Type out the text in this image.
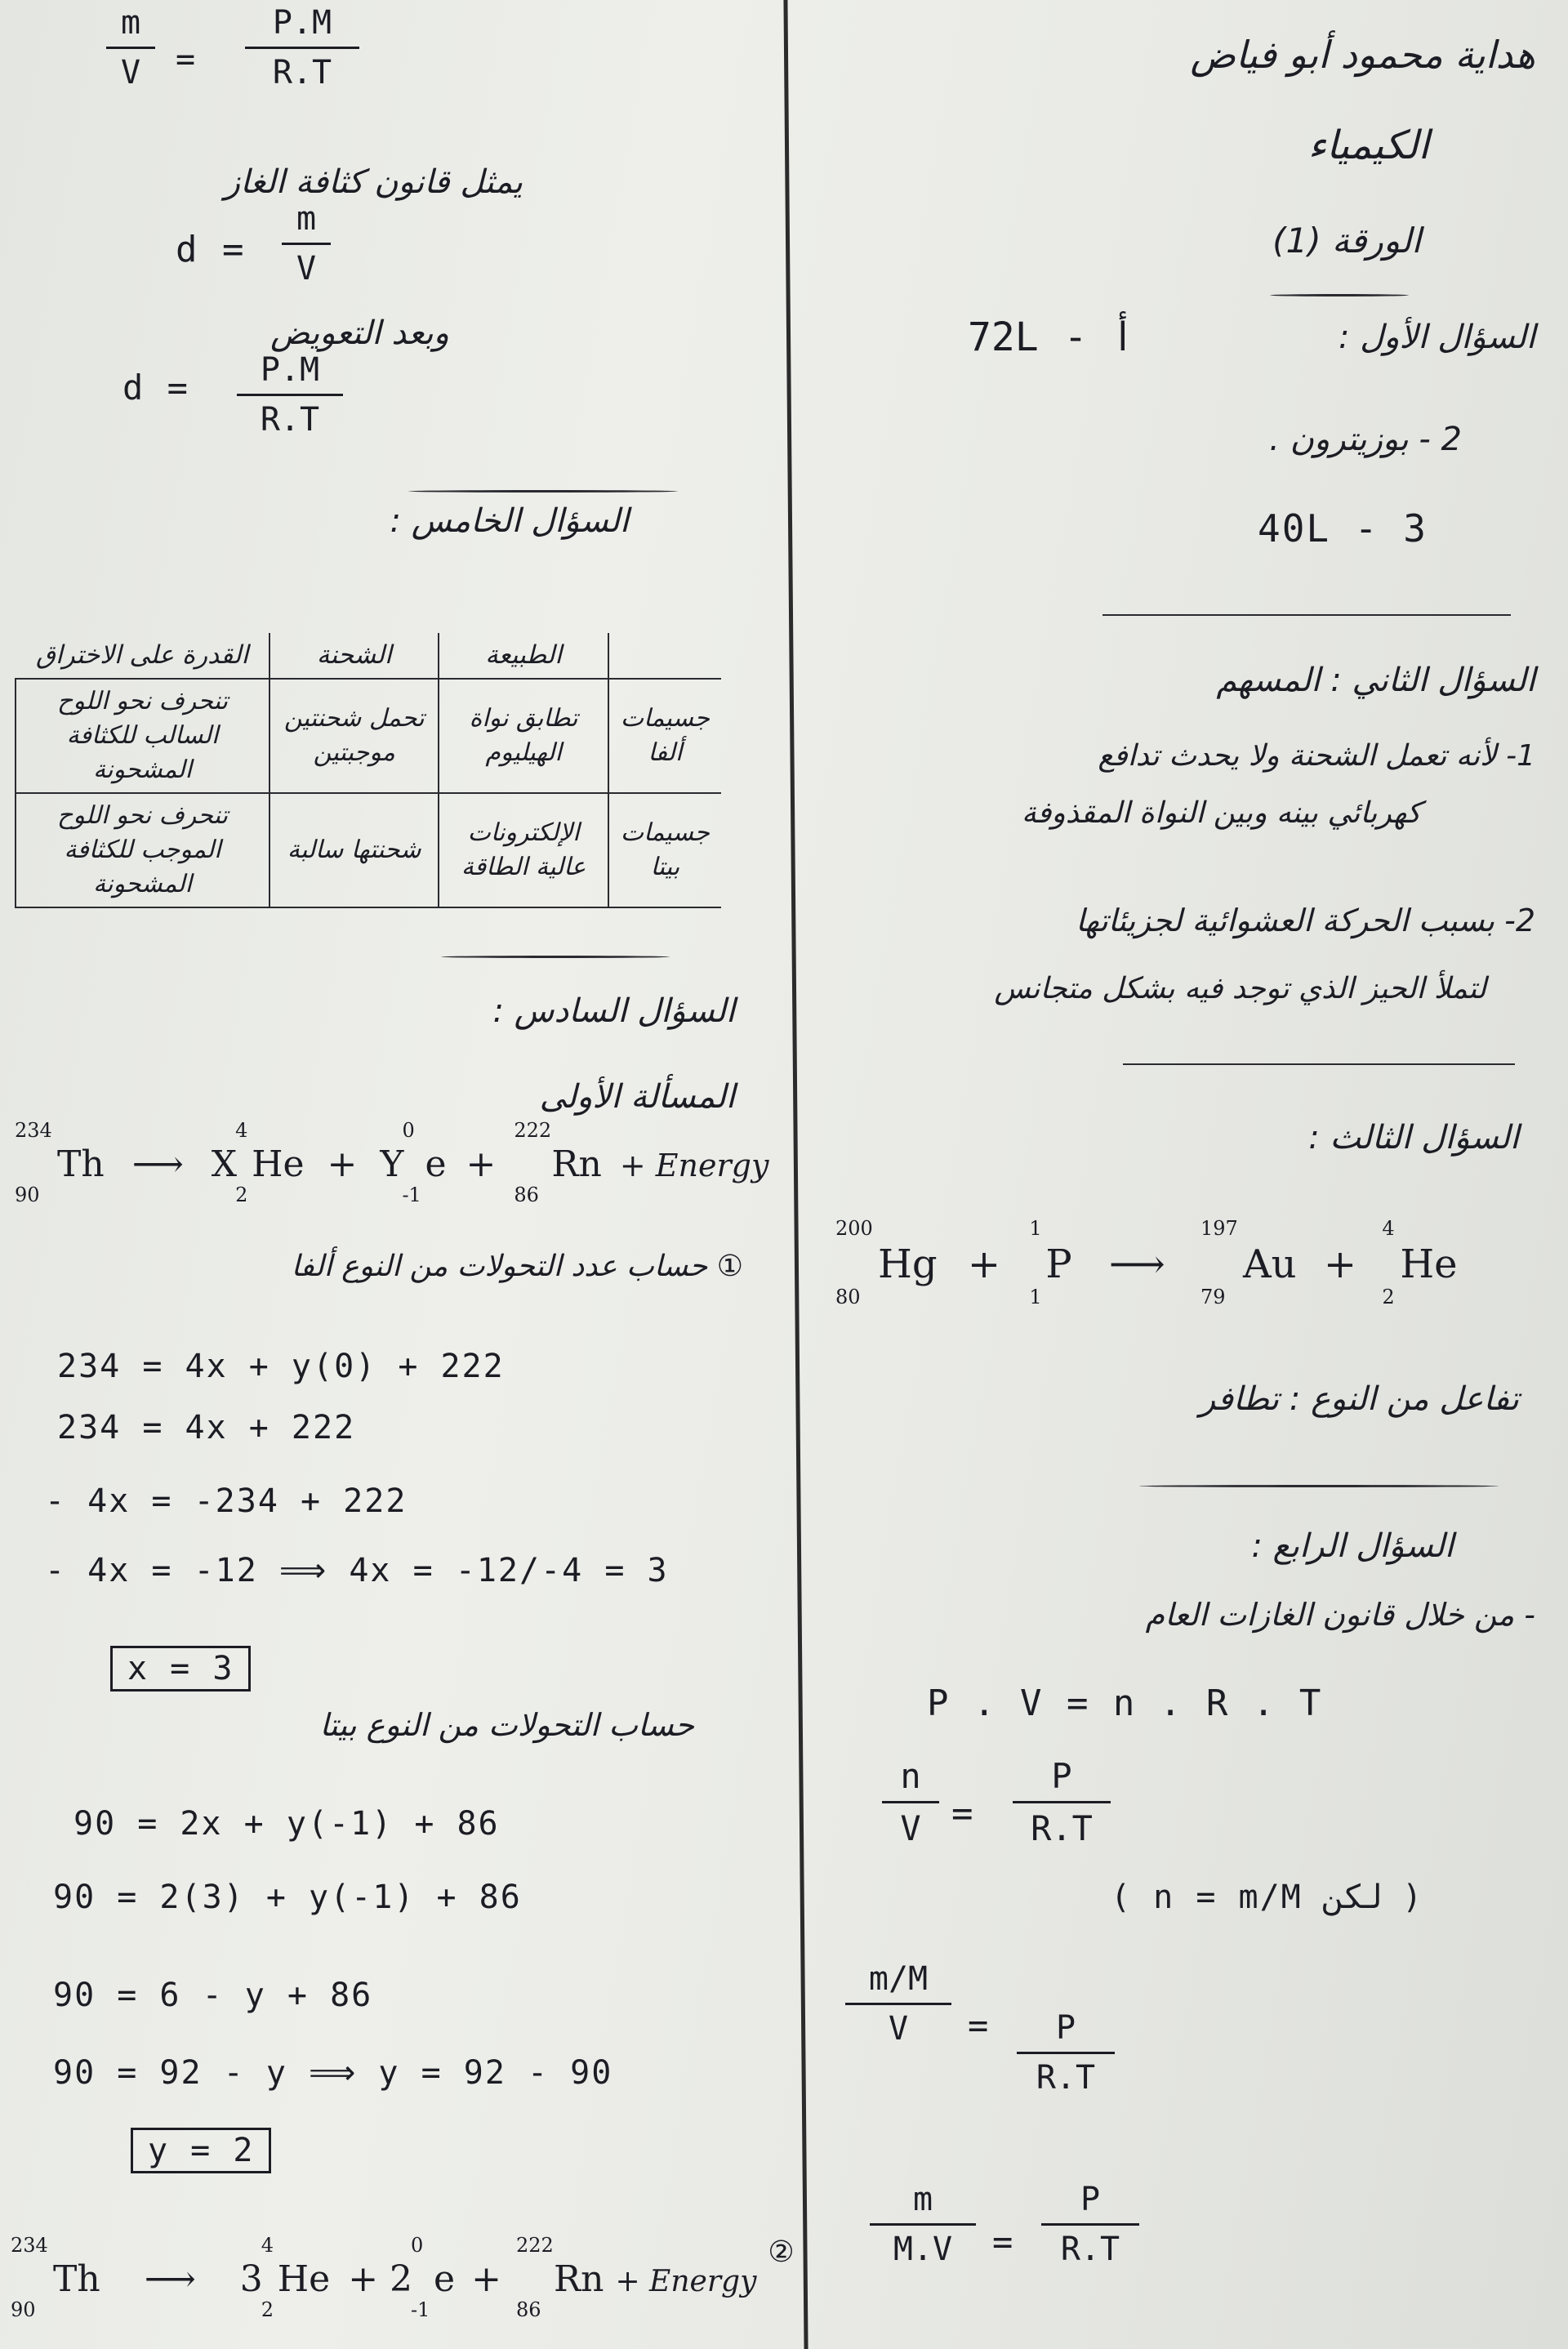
هداية محمود أبو فياض
الكيمياء
الورقة (1)
السؤال الأول :
أ - 72L
2 - بوزيترون .
3 - 40L
السؤال الثاني : المسهم
1- لأنه تعمل الشحنة ولا يحدث تدافع
كهربائي بينه وبين النواة المقذوفة
2- بسبب الحركة العشوائية لجزيئاتها
لتملأ الحيز الذي توجد فيه بشكل متجانس
السؤال الثالث :
200
80
Hg +
1
1
P ⟶
197
79
Au +
4
2
He
تفاعل من النوع : تطافر
السؤال الرابع :
- من خلال قانون الغازات العام
P . V = n . R . T
n
V =
P
R.T
( n = m/M لكن )
m/M
V	=	P
R.T
m
M.V	=
P
R.T
m
V	=
P.M
R.T
يمثل قانون كثافة الغاز
d =
m
V
وبعد التعويض
d =	P.M
R.T
السؤال الخامس :
	الطبيعة	الشحنة	القدرة على الاختراق
جسيمات ألفا	تطابق نواة الهيليوم	تحمل شحنتين موجبتين	تنحرف نحو اللوح السالب للكثافة المشحونة
جسيمات بيتا	الإلكترونات عالية الطاقة	شحنتها سالبة	تنحرف نحو اللوح الموجب للكثافة المشحونة
السؤال السادس :
المسألة الأولى
234
90
Th ⟶ X
4
2
He + Y
0
-1
e +
222
86
Rn + Energy
① حساب عدد التحولات من النوع ألفا
234 = 4x + y(0) + 222
234 = 4x + 222
- 4x = -234 + 222
- 4x = -12 ⟹ 4x = -12/-4 = 3
x = 3
حساب التحولات من النوع بيتا
90 = 2x + y(-1) + 86
90 = 2(3) + y(-1) + 86
90 = 6 - y + 86
90 = 92 - y ⟹ y = 92 - 90
y = 2
234
90
Th ⟶ 3
4
2
He + 2
0
-1
e +
222
86
Rn + Energy ②
